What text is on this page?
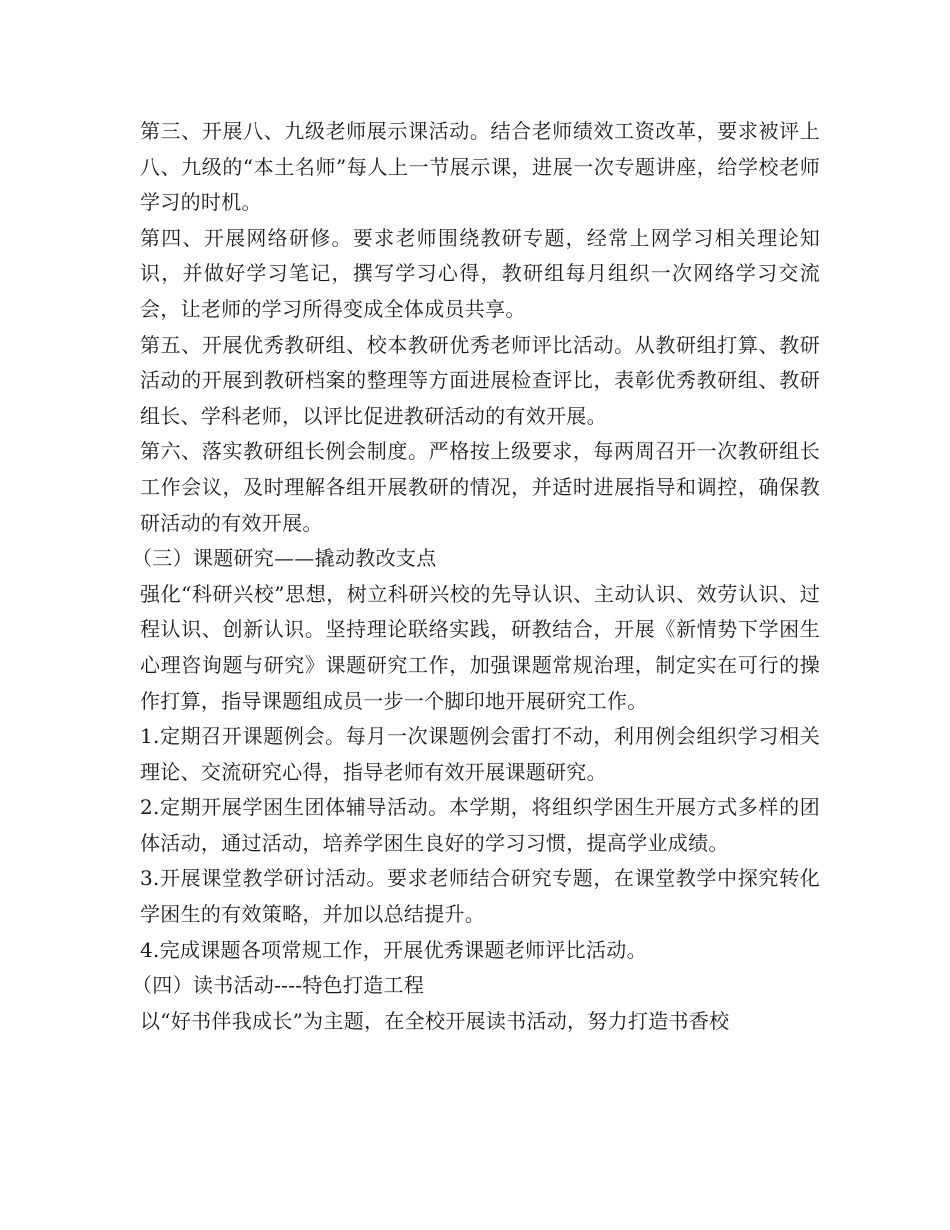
第三、开展八、九级老师展示课活动。结合老师绩效工资改革，要求被评上八、九级的“本土名师”每人上一节展示课，进展一次专题讲座，给学校老师学习的时机。

第四、开展网络研修。要求老师围绕教研专题，经常上网学习相关理论知识，并做好学习笔记，撰写学习心得，教研组每月组织一次网络学习交流会，让老师的学习所得变成全体成员共享。

第五、开展优秀教研组、校本教研优秀老师评比活动。从教研组打算、教研活动的开展到教研档案的整理等方面进展检查评比，表彰优秀教研组、教研组长、学科老师，以评比促进教研活动的有效开展。

第六、落实教研组长例会制度。严格按上级要求，每两周召开一次教研组长工作会议，及时理解各组开展教研的情况，并适时进展指导和调控，确保教研活动的有效开展。

（三）课题研究——撬动教改支点

强化“科研兴校”思想，树立科研兴校的先导认识、主动认识、效劳认识、过程认识、创新认识。坚持理论联络实践，研教结合，开展《新情势下学困生心理咨询题与研究》课题研究工作，加强课题常规治理，制定实在可行的操作打算，指导课题组成员一步一个脚印地开展研究工作。

1.定期召开课题例会。每月一次课题例会雷打不动，利用例会组织学习相关理论、交流研究心得，指导老师有效开展课题研究。

2.定期开展学困生团体辅导活动。本学期，将组织学困生开展方式多样的团体活动，通过活动，培养学困生良好的学习习惯，提高学业成绩。

3.开展课堂教学研讨活动。要求老师结合研究专题，在课堂教学中探究转化学困生的有效策略，并加以总结提升。

4.完成课题各项常规工作，开展优秀课题老师评比活动。

（四）读书活动----特色打造工程

以“好书伴我成长”为主题，在全校开展读书活动，努力打造书香校
